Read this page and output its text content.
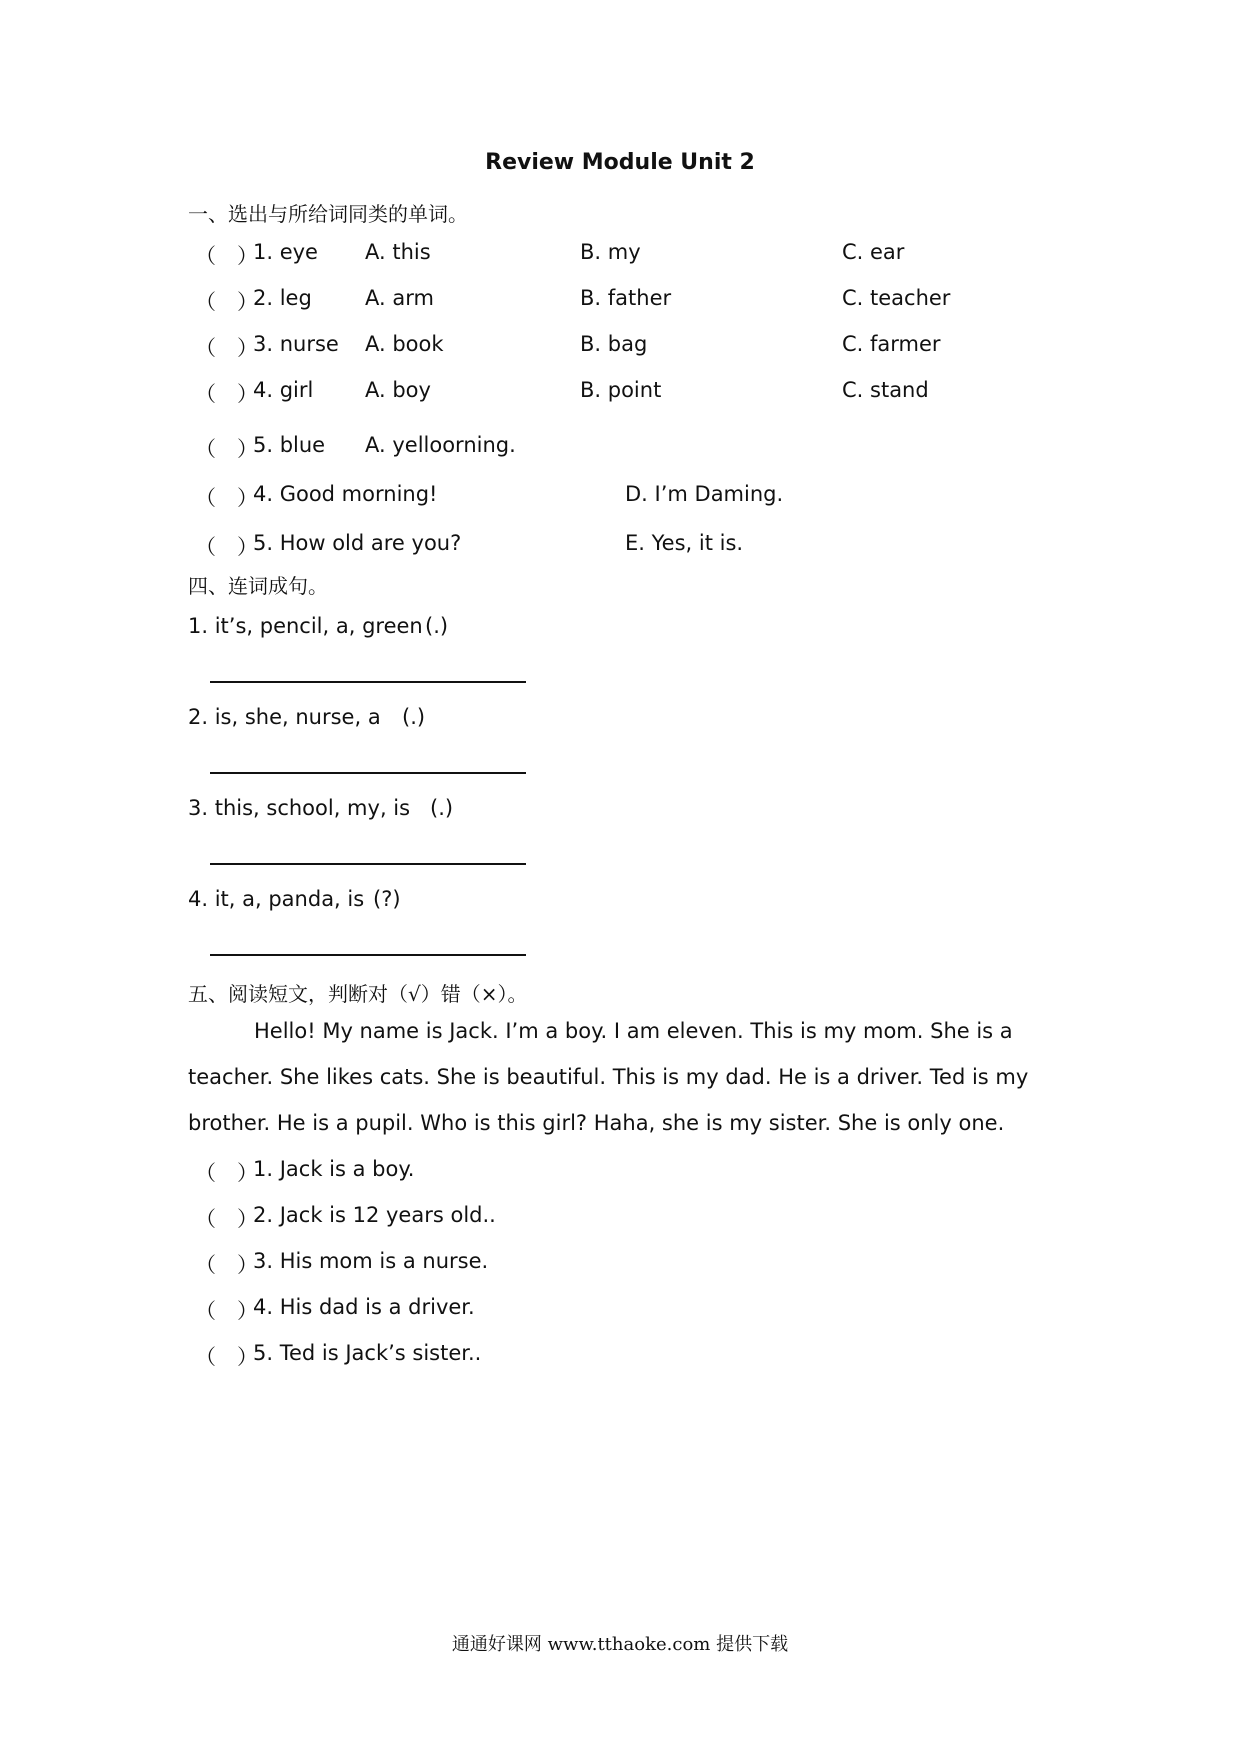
Review Module Unit 2
一、选出与所给词同类的单词。
（　）
1. eye A. this	B. my	C. ear
（　）
2. leg	A. arm	B. father	C. teacher
（　）
3. nurse A. book	B. bag	C. farmer
（　）
4. girl A. boy	B. point	C. stand
（　）
5. blue A. yelloorning.
（　）
4. Good morning!	D. I’m Daming.
（　）
5. How old are you?	E. Yes, it is.
四、连词成句。
1. it’s, pencil, a, green (.)
2. is, she, nurse, a (.)
3. this, school, my, is (.)
4. it, a, panda, is (?)
五、阅读短文，判断对（√）错（×）。
Hello! My name is Jack. I’m a boy. I am eleven. This is my mom. She is a teacher. She likes cats. She is beautiful. This is my dad. He is a driver. Ted is my brother. He is a pupil. Who is this girl? Haha, she is my sister. She is only one.
（　）
1. Jack is a boy.
（　）
2. Jack is 12 years old..
（　）
3. His mom is a nurse.
（　）
4. His dad is a driver.
（　）
5. Ted is Jack’s sister..
通通好课网 www.tthaoke.com 提供下载
